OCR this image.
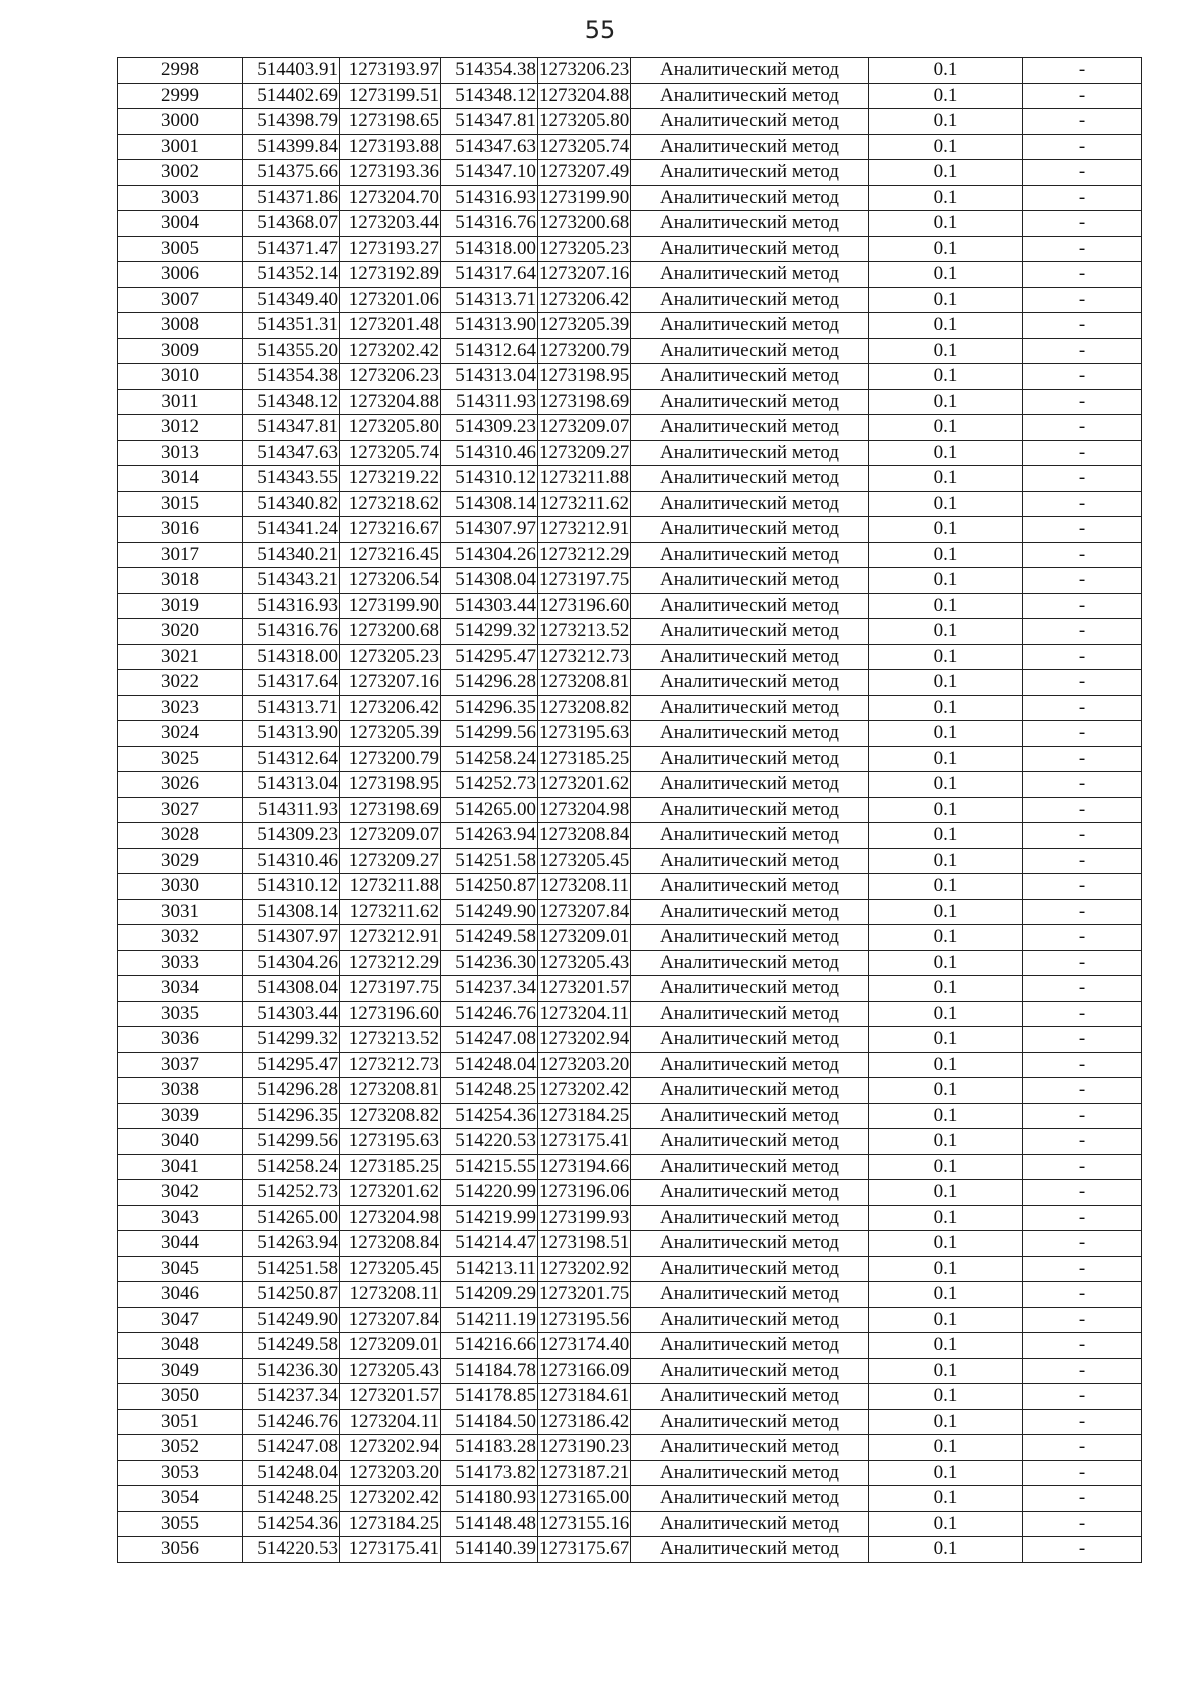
55
2998	514403.91	1273193.97	514354.38	1273206.23	Аналитический метод	0.1	-
2999	514402.69	1273199.51	514348.12	1273204.88	Аналитический метод	0.1	-
3000	514398.79	1273198.65	514347.81	1273205.80	Аналитический метод	0.1	-
3001	514399.84	1273193.88	514347.63	1273205.74	Аналитический метод	0.1	-
3002	514375.66	1273193.36	514347.10	1273207.49	Аналитический метод	0.1	-
3003	514371.86	1273204.70	514316.93	1273199.90	Аналитический метод	0.1	-
3004	514368.07	1273203.44	514316.76	1273200.68	Аналитический метод	0.1	-
3005	514371.47	1273193.27	514318.00	1273205.23	Аналитический метод	0.1	-
3006	514352.14	1273192.89	514317.64	1273207.16	Аналитический метод	0.1	-
3007	514349.40	1273201.06	514313.71	1273206.42	Аналитический метод	0.1	-
3008	514351.31	1273201.48	514313.90	1273205.39	Аналитический метод	0.1	-
3009	514355.20	1273202.42	514312.64	1273200.79	Аналитический метод	0.1	-
3010	514354.38	1273206.23	514313.04	1273198.95	Аналитический метод	0.1	-
3011	514348.12	1273204.88	514311.93	1273198.69	Аналитический метод	0.1	-
3012	514347.81	1273205.80	514309.23	1273209.07	Аналитический метод	0.1	-
3013	514347.63	1273205.74	514310.46	1273209.27	Аналитический метод	0.1	-
3014	514343.55	1273219.22	514310.12	1273211.88	Аналитический метод	0.1	-
3015	514340.82	1273218.62	514308.14	1273211.62	Аналитический метод	0.1	-
3016	514341.24	1273216.67	514307.97	1273212.91	Аналитический метод	0.1	-
3017	514340.21	1273216.45	514304.26	1273212.29	Аналитический метод	0.1	-
3018	514343.21	1273206.54	514308.04	1273197.75	Аналитический метод	0.1	-
3019	514316.93	1273199.90	514303.44	1273196.60	Аналитический метод	0.1	-
3020	514316.76	1273200.68	514299.32	1273213.52	Аналитический метод	0.1	-
3021	514318.00	1273205.23	514295.47	1273212.73	Аналитический метод	0.1	-
3022	514317.64	1273207.16	514296.28	1273208.81	Аналитический метод	0.1	-
3023	514313.71	1273206.42	514296.35	1273208.82	Аналитический метод	0.1	-
3024	514313.90	1273205.39	514299.56	1273195.63	Аналитический метод	0.1	-
3025	514312.64	1273200.79	514258.24	1273185.25	Аналитический метод	0.1	-
3026	514313.04	1273198.95	514252.73	1273201.62	Аналитический метод	0.1	-
3027	514311.93	1273198.69	514265.00	1273204.98	Аналитический метод	0.1	-
3028	514309.23	1273209.07	514263.94	1273208.84	Аналитический метод	0.1	-
3029	514310.46	1273209.27	514251.58	1273205.45	Аналитический метод	0.1	-
3030	514310.12	1273211.88	514250.87	1273208.11	Аналитический метод	0.1	-
3031	514308.14	1273211.62	514249.90	1273207.84	Аналитический метод	0.1	-
3032	514307.97	1273212.91	514249.58	1273209.01	Аналитический метод	0.1	-
3033	514304.26	1273212.29	514236.30	1273205.43	Аналитический метод	0.1	-
3034	514308.04	1273197.75	514237.34	1273201.57	Аналитический метод	0.1	-
3035	514303.44	1273196.60	514246.76	1273204.11	Аналитический метод	0.1	-
3036	514299.32	1273213.52	514247.08	1273202.94	Аналитический метод	0.1	-
3037	514295.47	1273212.73	514248.04	1273203.20	Аналитический метод	0.1	-
3038	514296.28	1273208.81	514248.25	1273202.42	Аналитический метод	0.1	-
3039	514296.35	1273208.82	514254.36	1273184.25	Аналитический метод	0.1	-
3040	514299.56	1273195.63	514220.53	1273175.41	Аналитический метод	0.1	-
3041	514258.24	1273185.25	514215.55	1273194.66	Аналитический метод	0.1	-
3042	514252.73	1273201.62	514220.99	1273196.06	Аналитический метод	0.1	-
3043	514265.00	1273204.98	514219.99	1273199.93	Аналитический метод	0.1	-
3044	514263.94	1273208.84	514214.47	1273198.51	Аналитический метод	0.1	-
3045	514251.58	1273205.45	514213.11	1273202.92	Аналитический метод	0.1	-
3046	514250.87	1273208.11	514209.29	1273201.75	Аналитический метод	0.1	-
3047	514249.90	1273207.84	514211.19	1273195.56	Аналитический метод	0.1	-
3048	514249.58	1273209.01	514216.66	1273174.40	Аналитический метод	0.1	-
3049	514236.30	1273205.43	514184.78	1273166.09	Аналитический метод	0.1	-
3050	514237.34	1273201.57	514178.85	1273184.61	Аналитический метод	0.1	-
3051	514246.76	1273204.11	514184.50	1273186.42	Аналитический метод	0.1	-
3052	514247.08	1273202.94	514183.28	1273190.23	Аналитический метод	0.1	-
3053	514248.04	1273203.20	514173.82	1273187.21	Аналитический метод	0.1	-
3054	514248.25	1273202.42	514180.93	1273165.00	Аналитический метод	0.1	-
3055	514254.36	1273184.25	514148.48	1273155.16	Аналитический метод	0.1	-
3056	514220.53	1273175.41	514140.39	1273175.67	Аналитический метод	0.1	-
